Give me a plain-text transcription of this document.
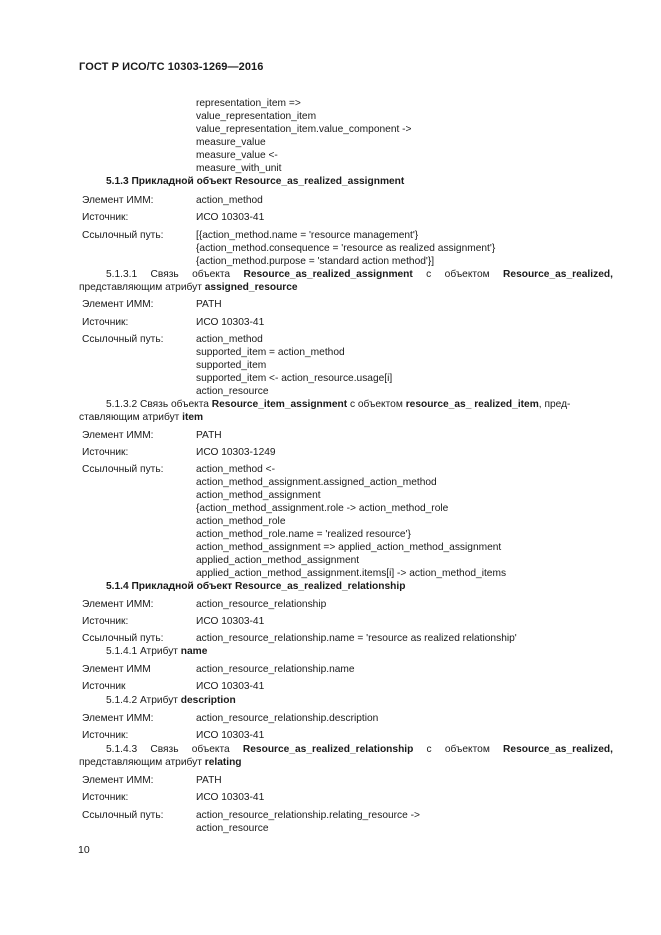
ГОСТ Р ИСО/ТС 10303-1269—2016
representation_item =>
value_representation_item
value_representation_item.value_component ->
measure_value
measure_value <-
measure_with_unit
5.1.3 Прикладной объект Resource_as_realized_assignment
Элемент ИММ:	action_method
Источник:	ИСО 10303-41
Ссылочный путь:	[{action_method.name = 'resource management'}
{action_method.consequence = 'resource as realized assignment'}
{action_method.purpose = 'standard action method'}]
5.1.3.1 Связь объекта Resource_as_realized_assignment с объектом Resource_as_realized,
представляющим атрибут assigned_resource
Элемент ИММ:	PATH
Источник:	ИСО 10303-41
Ссылочный путь:	action_method
supported_item = action_method
supported_item
supported_item <- action_resource.usage[i]
action_resource
5.1.3.2 Связь объекта Resource_item_assignment с объектом resource_as_ realized_item, пред-
ставляющим атрибут item
Элемент ИММ:	PATH
Источник:	ИСО 10303-1249
Ссылочный путь:	action_method <-
action_method_assignment.assigned_action_method
action_method_assignment
{action_method_assignment.role -> action_method_role
action_method_role
action_method_role.name = 'realized resource'}
action_method_assignment => applied_action_method_assignment
applied_action_method_assignment
applied_action_method_assignment.items[i] -> action_method_items
5.1.4 Прикладной объект Resource_as_realized_relationship
Элемент ИММ:	action_resource_relationship
Источник:	ИСО 10303-41
Ссылочный путь:	action_resource_relationship.name = 'resource as realized relationship'
5.1.4.1 Атрибут name
Элемент ИММ	action_resource_relationship.name
Источник	ИСО 10303-41
5.1.4.2 Атрибут description
Элемент ИММ:	action_resource_relationship.description
Источник:	ИСО 10303-41
5.1.4.3 Связь объекта Resource_as_realized_relationship с объектом Resource_as_realized,
представляющим атрибут relating
Элемент ИММ:	PATH
Источник:	ИСО 10303-41
Ссылочный путь:	action_resource_relationship.relating_resource ->
action_resource
10
